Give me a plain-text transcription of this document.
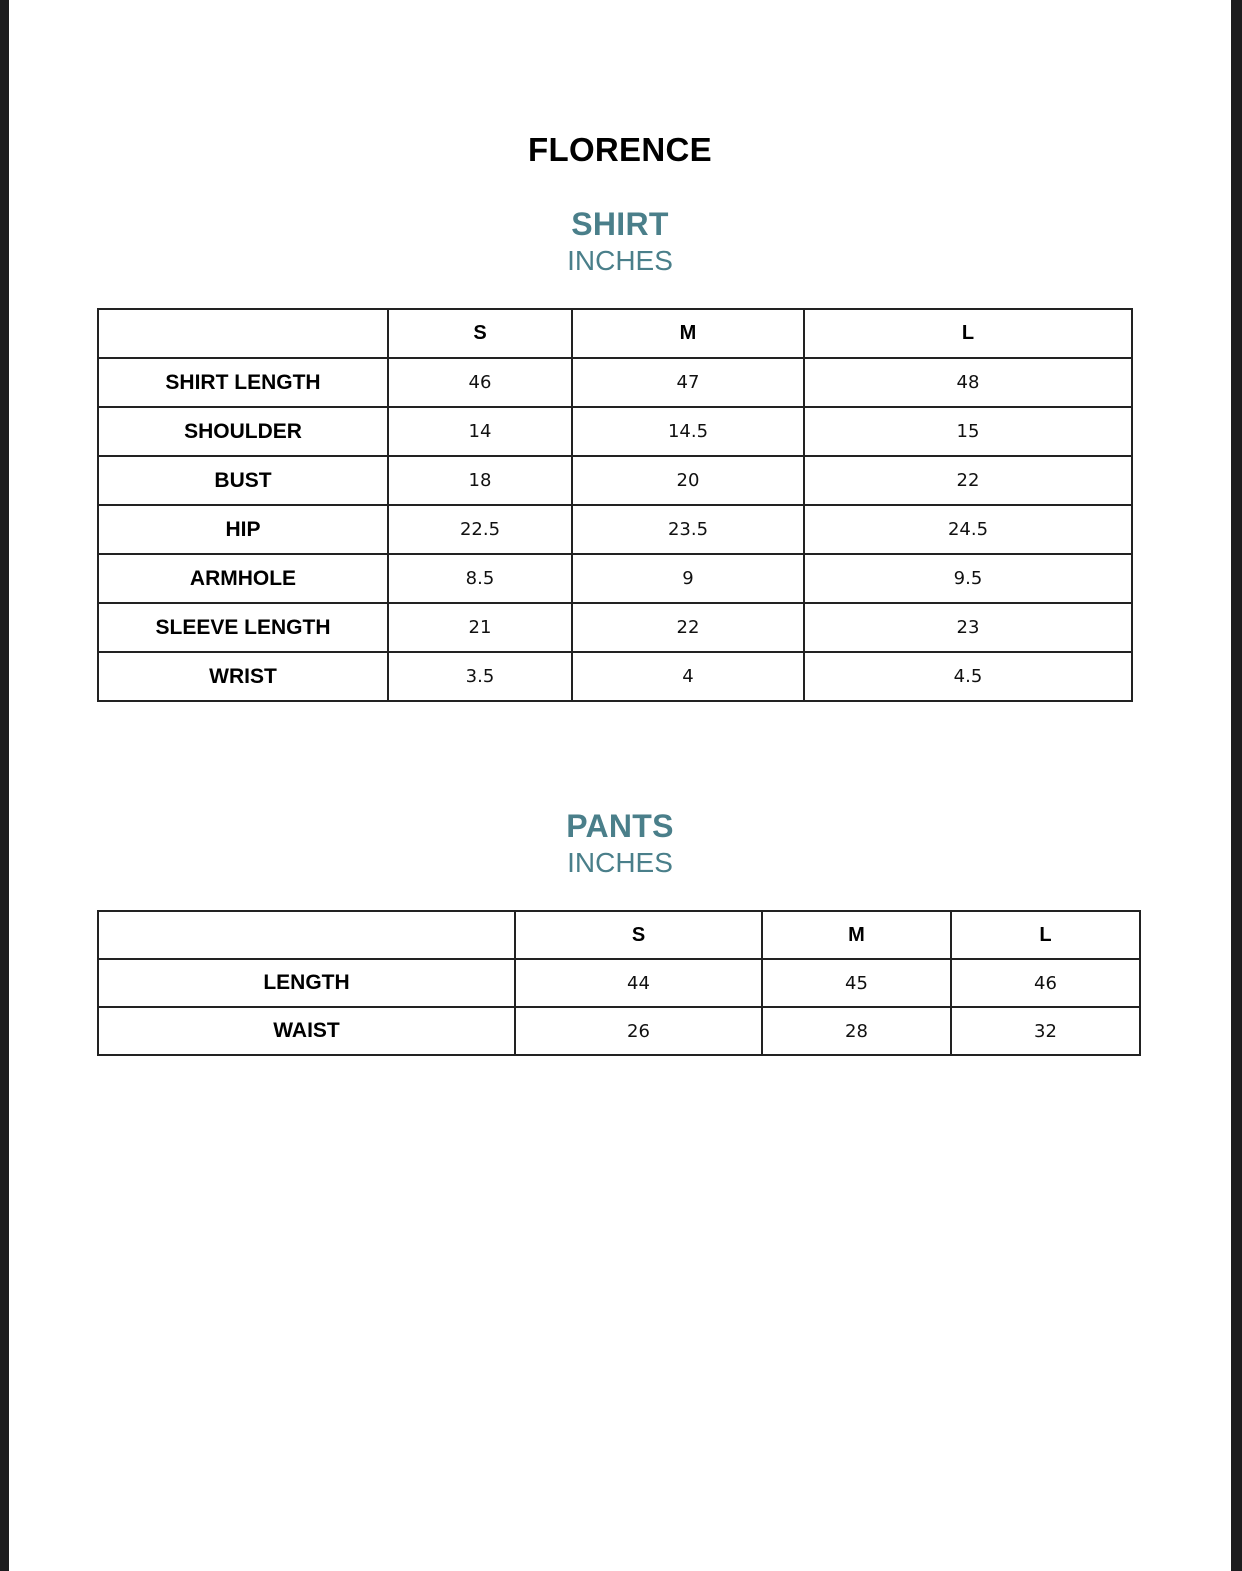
FLORENCE
SHIRT
INCHES
	S	M	L
SHIRT LENGTH	46	47	48
SHOULDER	14	14.5	15
BUST	18	20	22
HIP	22.5	23.5	24.5
ARMHOLE	8.5	9	9.5
SLEEVE LENGTH	21	22	23
WRIST	3.5	4	4.5
PANTS
INCHES
	S	M	L
LENGTH	44	45	46
WAIST	26	28	32
